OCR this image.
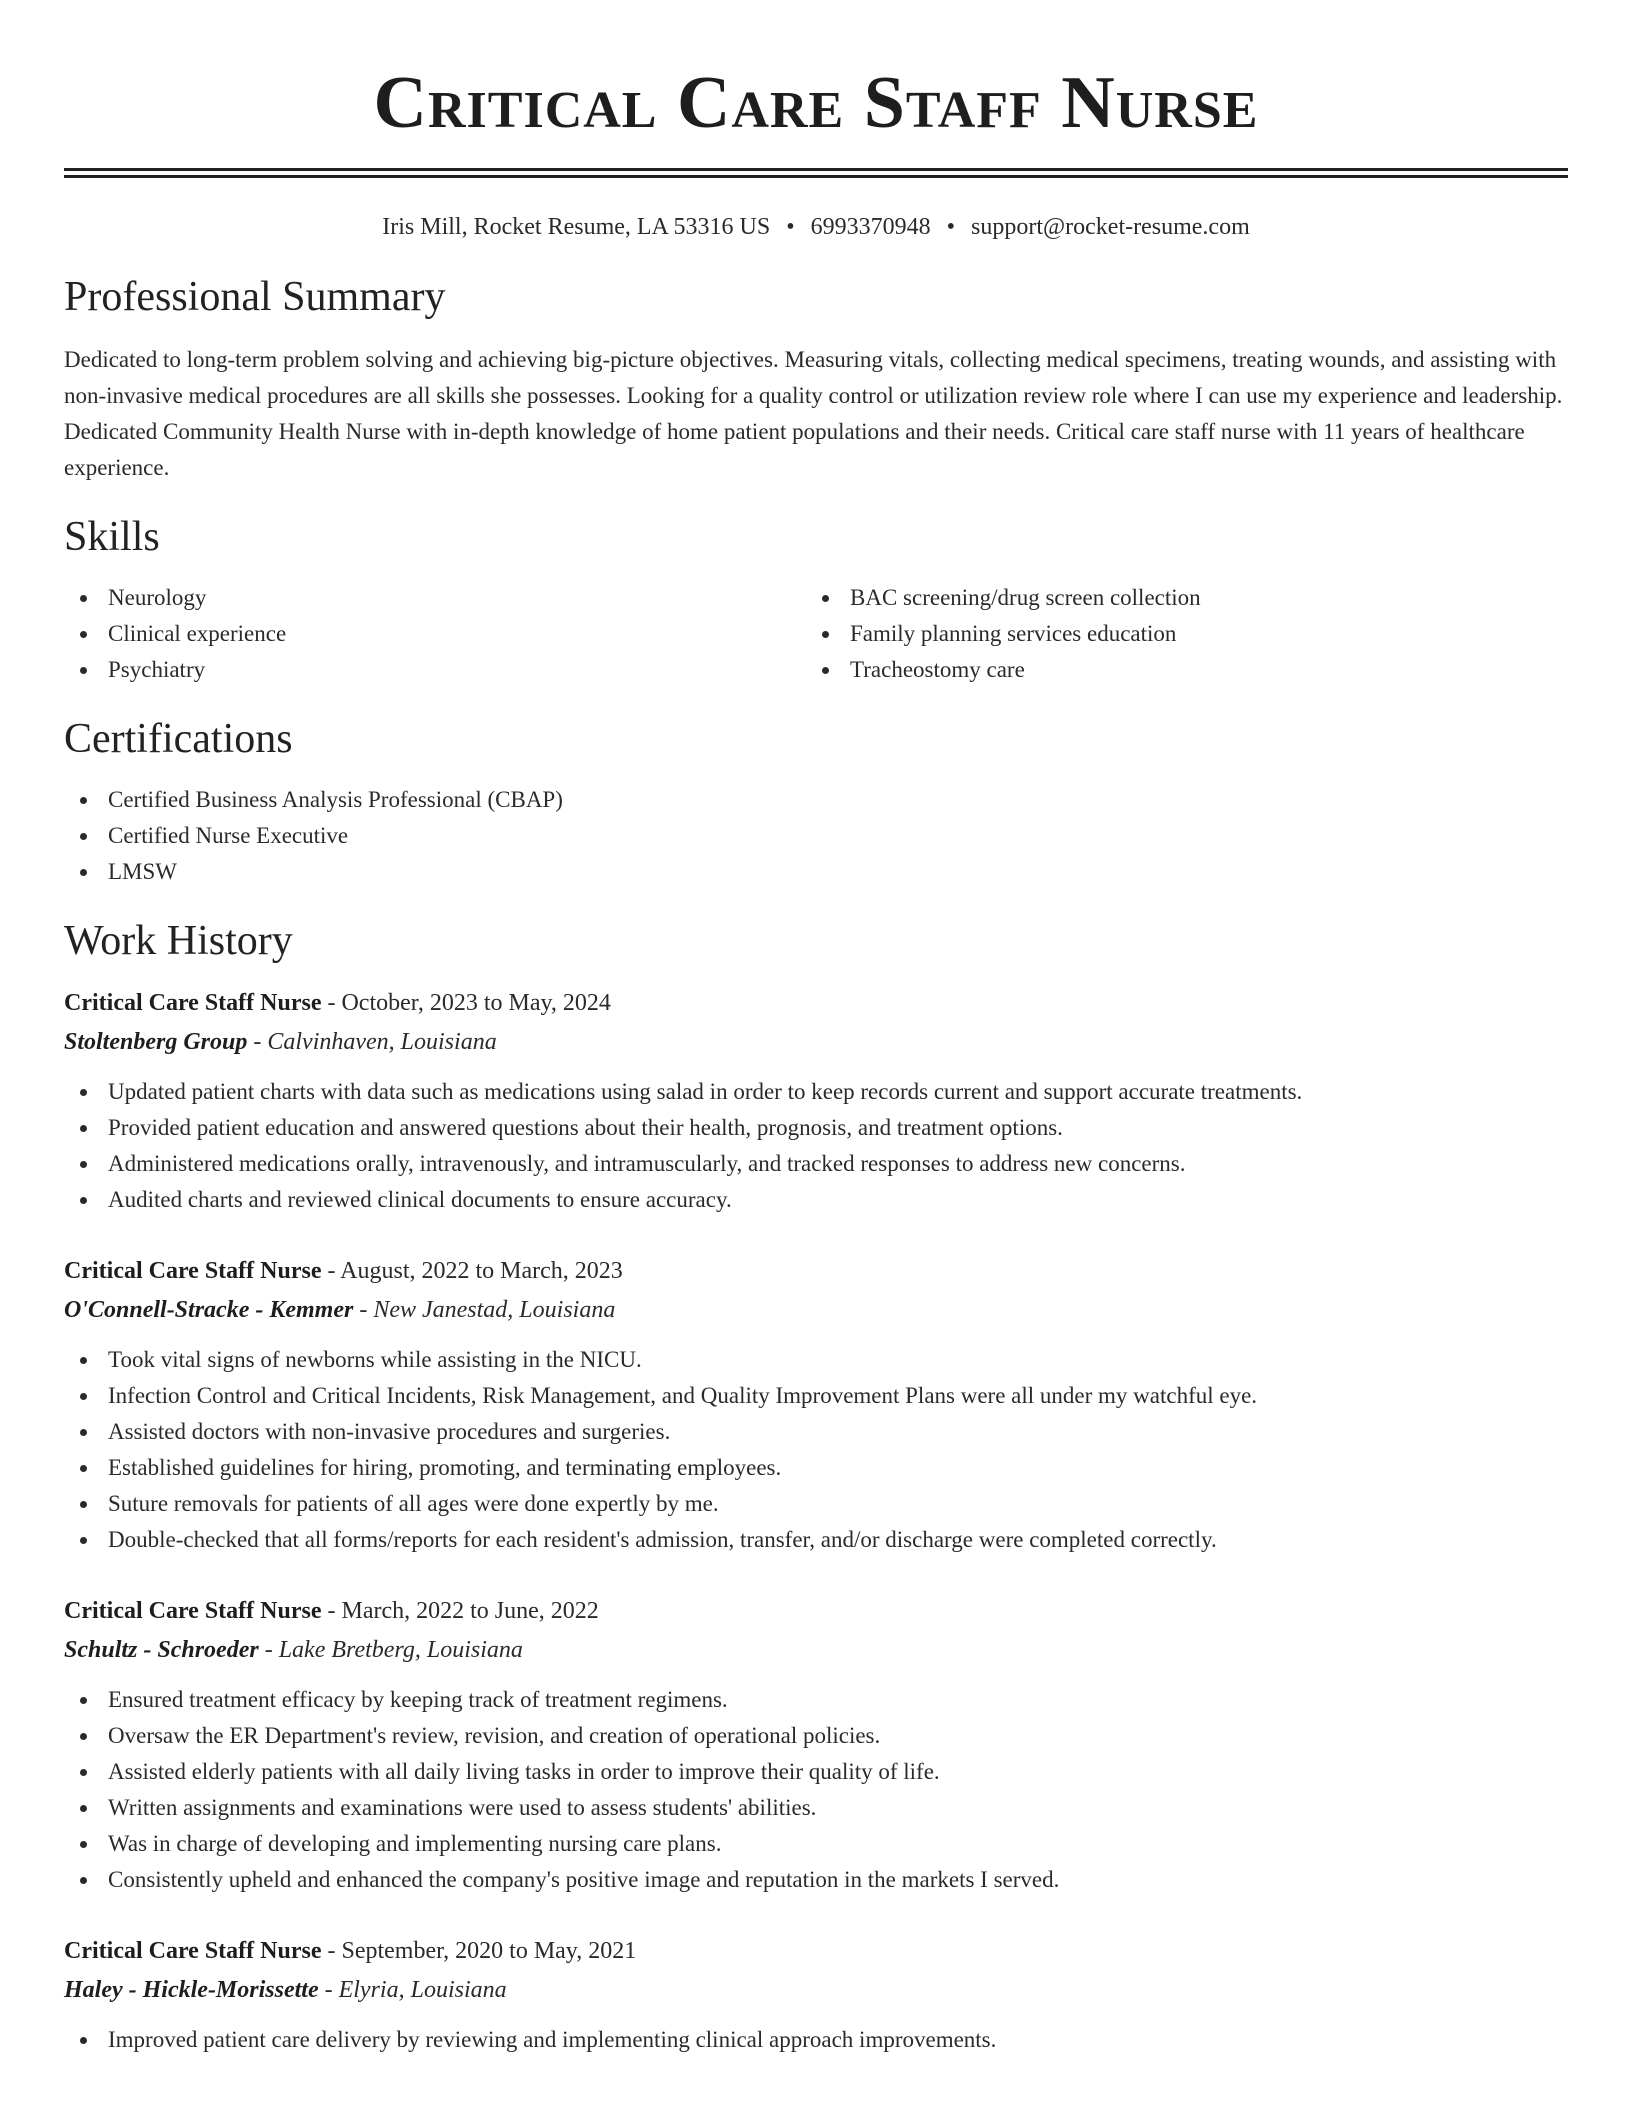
Critical Care Staff Nurse
Iris Mill, Rocket Resume, LA 53316 US • 6993370948 • support@rocket-resume.com
Professional Summary

Dedicated to long-term problem solving and achieving big-picture objectives. Measuring vitals, collecting medical specimens, treating wounds, and assisting with non-invasive medical procedures are all skills she possesses. Looking for a quality control or utilization review role where I can use my experience and leadership. Dedicated Community Health Nurse with in-depth knowledge of home patient populations and their needs. Critical care staff nurse with 11 years of healthcare experience.

Skills
Neurology
Clinical experience
Psychiatry
BAC screening/drug screen collection
Family planning services education
Tracheostomy care
Certifications
Certified Business Analysis Professional (CBAP)
Certified Nurse Executive
LMSW
Work History
Critical Care Staff Nurse - October, 2023 to May, 2024
Stoltenberg Group - Calvinhaven, Louisiana
Updated patient charts with data such as medications using salad in order to keep records current and support accurate treatments.
Provided patient education and answered questions about their health, prognosis, and treatment options.
Administered medications orally, intravenously, and intramuscularly, and tracked responses to address new concerns.
Audited charts and reviewed clinical documents to ensure accuracy.
Critical Care Staff Nurse - August, 2022 to March, 2023
O'Connell-Stracke - Kemmer - New Janestad, Louisiana
Took vital signs of newborns while assisting in the NICU.
Infection Control and Critical Incidents, Risk Management, and Quality Improvement Plans were all under my watchful eye.
Assisted doctors with non-invasive procedures and surgeries.
Established guidelines for hiring, promoting, and terminating employees.
Suture removals for patients of all ages were done expertly by me.
Double-checked that all forms/reports for each resident's admission, transfer, and/or discharge were completed correctly.
Critical Care Staff Nurse - March, 2022 to June, 2022
Schultz - Schroeder - Lake Bretberg, Louisiana
Ensured treatment efficacy by keeping track of treatment regimens.
Oversaw the ER Department's review, revision, and creation of operational policies.
Assisted elderly patients with all daily living tasks in order to improve their quality of life.
Written assignments and examinations were used to assess students' abilities.
Was in charge of developing and implementing nursing care plans.
Consistently upheld and enhanced the company's positive image and reputation in the markets I served.
Critical Care Staff Nurse - September, 2020 to May, 2021
Haley - Hickle-Morissette - Elyria, Louisiana
Improved patient care delivery by reviewing and implementing clinical approach improvements.
